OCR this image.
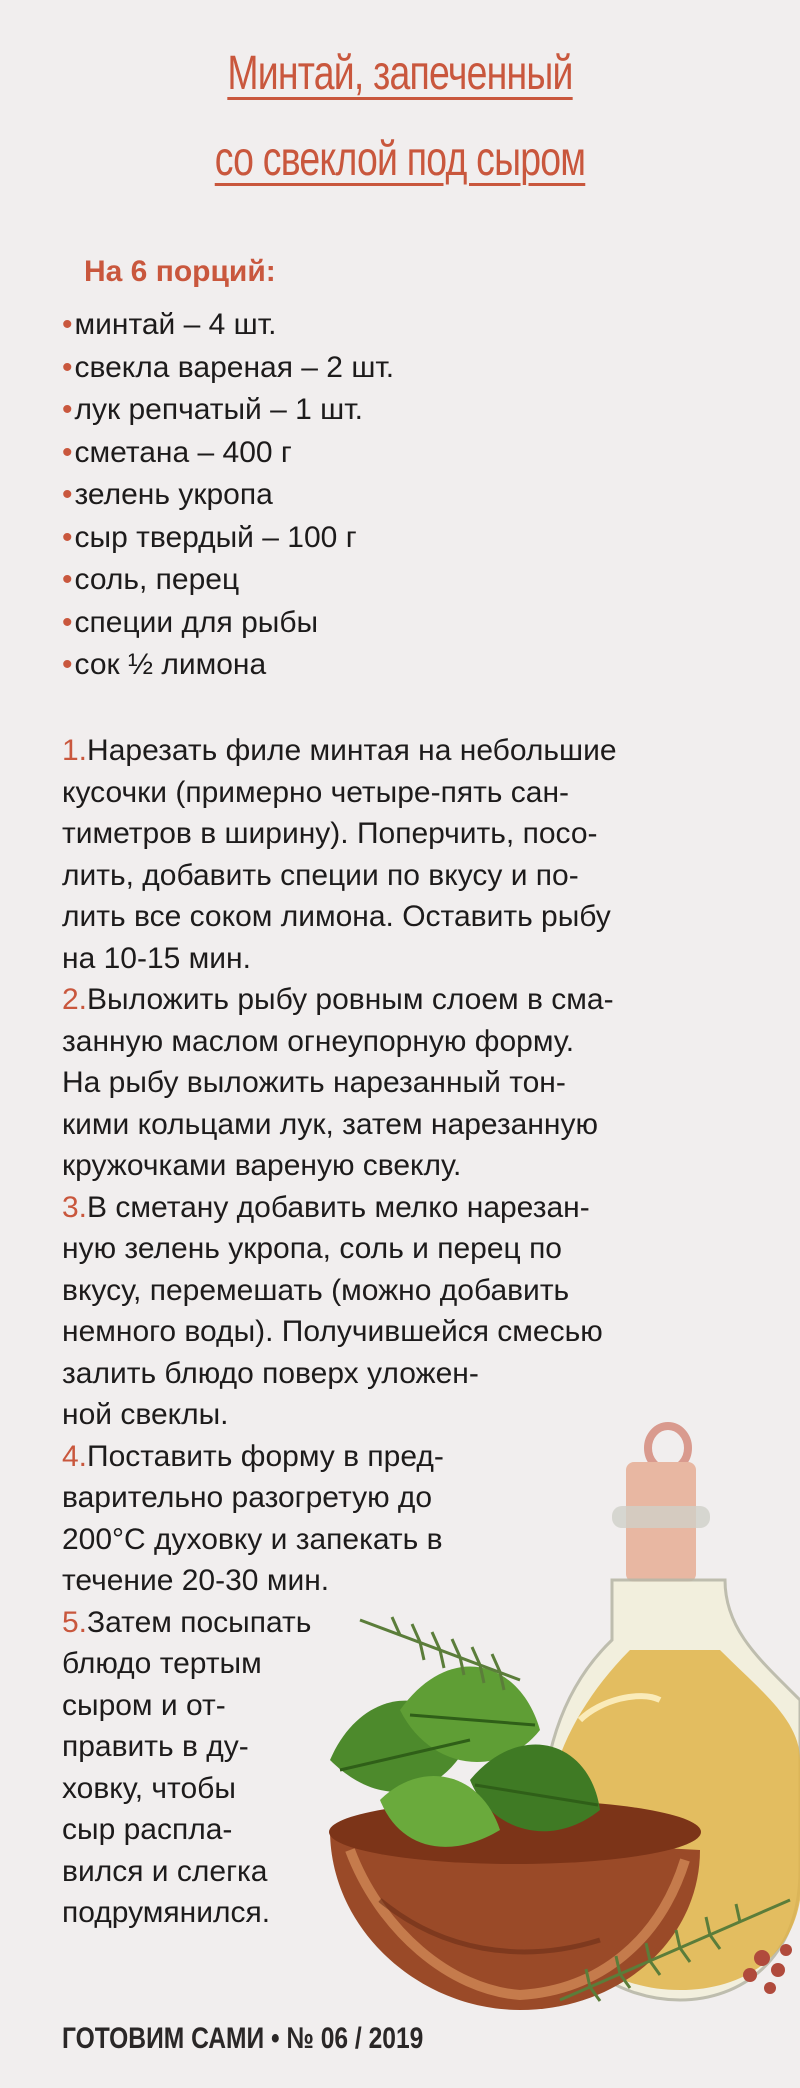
Минтай, запеченный
со свеклой под сыром
На 6 порций:
•минтай – 4 шт.
•свекла вареная – 2 шт.
•лук репчатый – 1 шт.
•сметана – 400 г
•зелень укропа
•сыр твердый – 100 г
•соль, перец
•специи для рыбы
•сок ½ лимона
1.Нарезать филе минтая на небольшие
кусочки (примерно четыре-пять сан-
тиметров в ширину). Поперчить, посо-
лить, добавить специи по вкусу и по-
лить все соком лимона. Оставить рыбу
на 10-15 мин.
2.Выложить рыбу ровным слоем в сма-
занную маслом огнеупорную форму.
На рыбу выложить нарезанный тон-
кими кольцами лук, затем нарезанную
кружочками вареную свеклу.
3.В сметану добавить мелко нарезан-
ную зелень укропа, соль и перец по
вкусу, перемешать (можно добавить
немного воды). Получившейся смесью
залить блюдо поверх уложен-
ной свеклы.
4.Поставить форму в пред-
варительно разогретую до
200°С духовку и запекать в
течение 20-30 мин.
5.Затем посыпать
блюдо тертым
сыром и от-
править в ду-
ховку, чтобы
сыр распла-
вился и слегка
подрумянился.
ГОТОВИМ САМИ • № 06 / 2019
